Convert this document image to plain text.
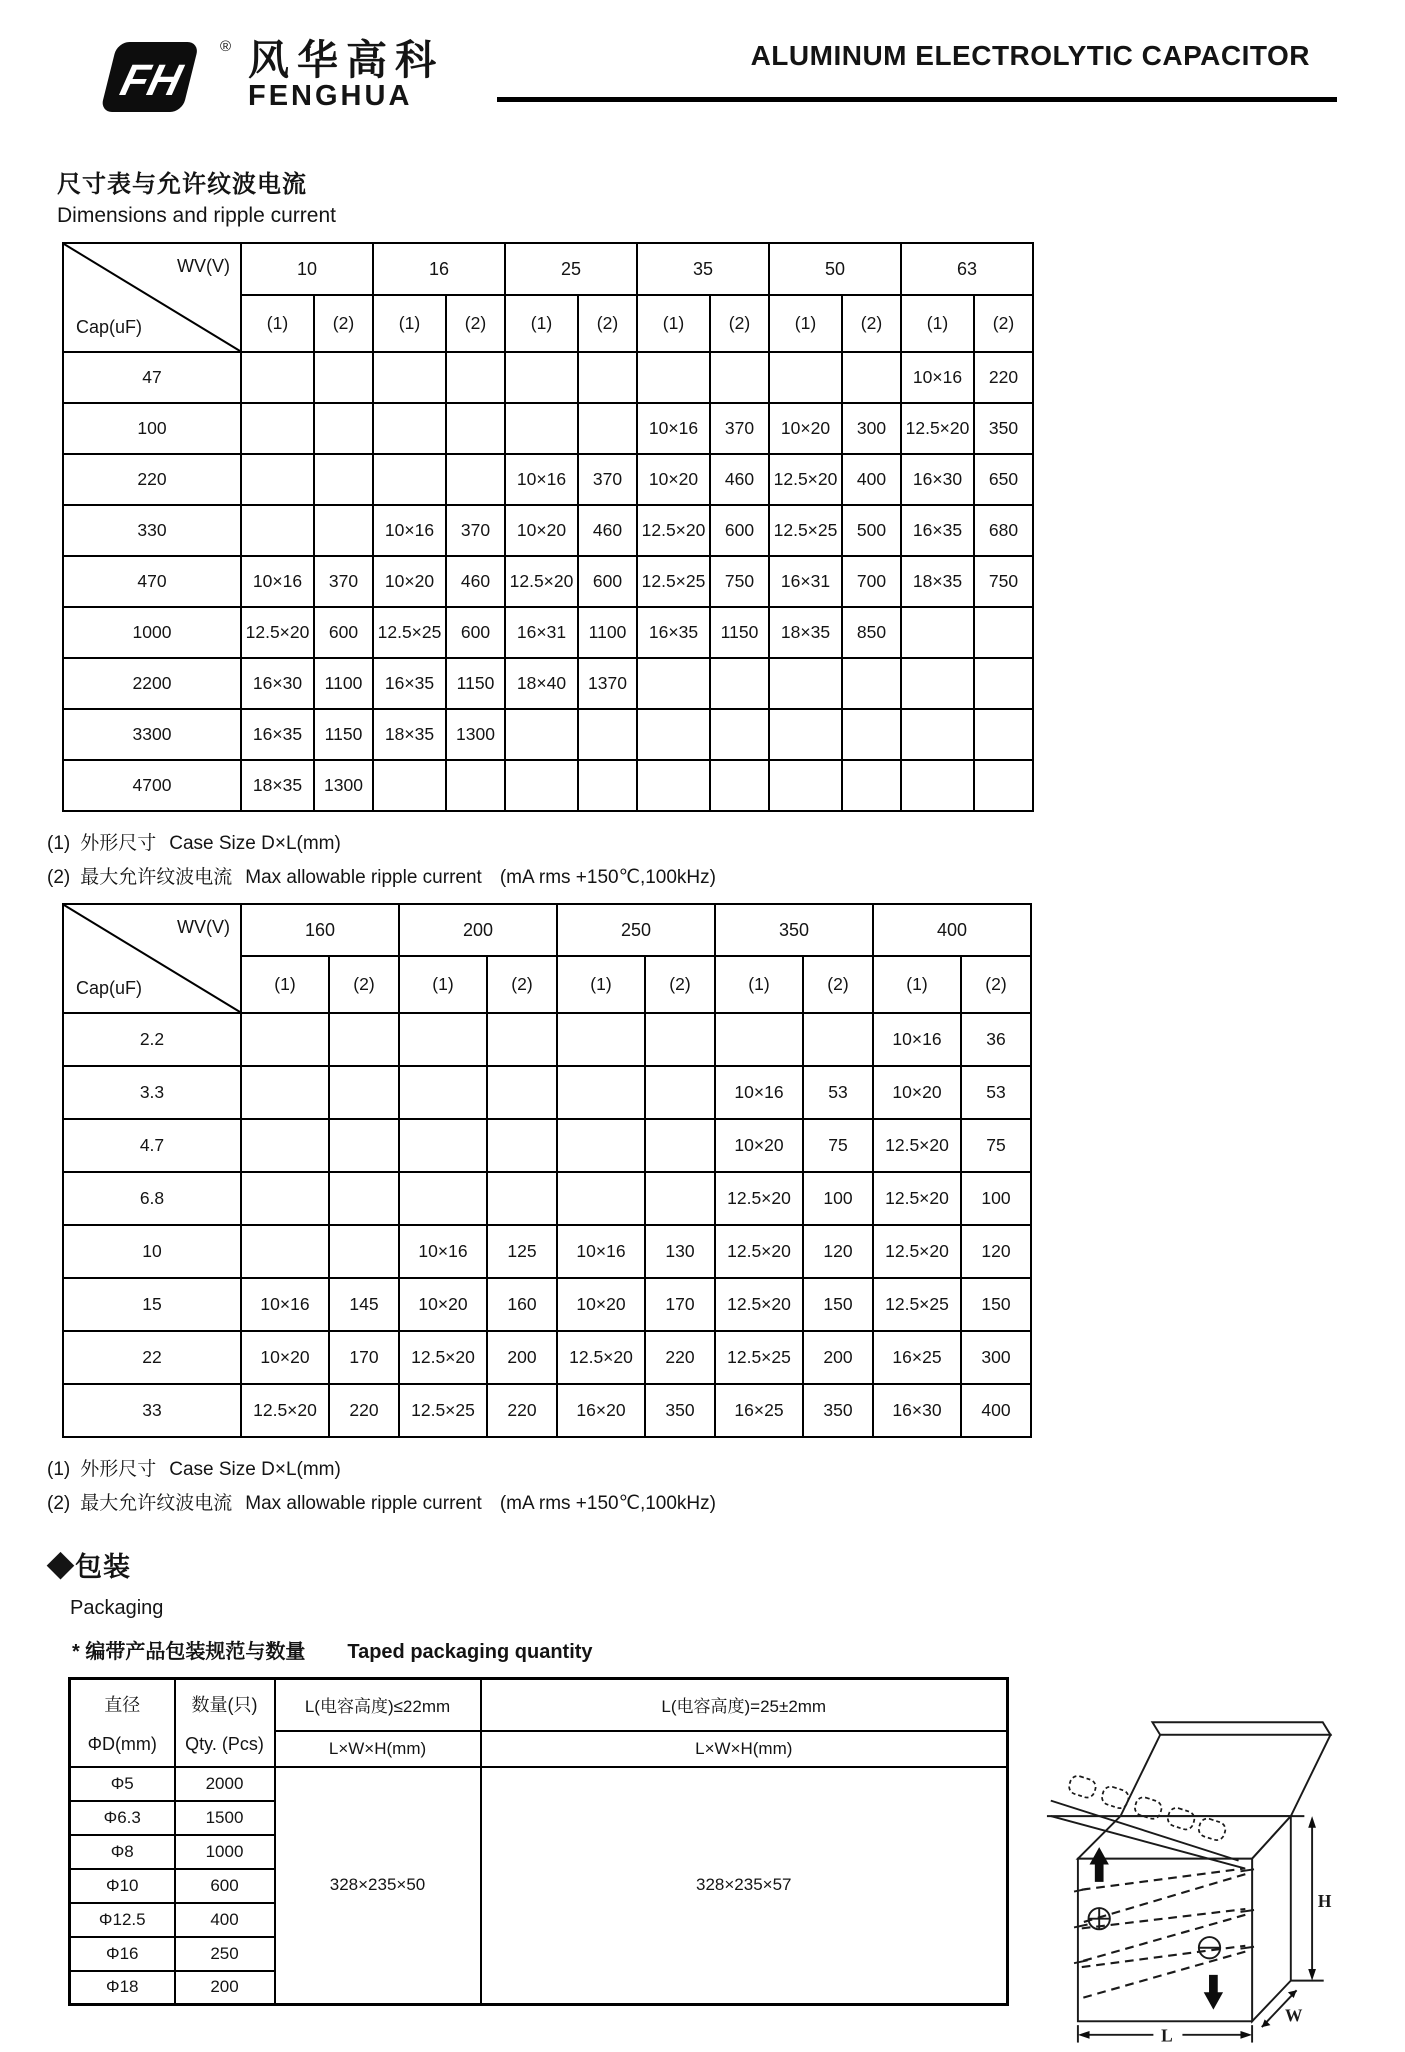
FH
® 风华高科
FENGHUA
ALUMINUM ELECTROLYTIC CAPACITOR
尺寸表与允许纹波电流
Dimensions and ripple current
WV(V)
Cap(uF)	10		16		25		35		50		63	
	(1)	(2)	(1)	(2)	(1)	(2)	(1)	(2)	(1)	(2)	(1)	(2)
47											10×16	220
100							10×16	370	10×20	300	12.5×20	350
220					10×16	370	10×20	460	12.5×20	400	16×30	650
330			10×16	370	10×20	460	12.5×20	600	12.5×25	500	16×35	680
470	10×16	370	10×20	460	12.5×20	600	12.5×25	750	16×31	700	18×35	750
1000	12.5×20	600	12.5×25	600	16×31	1100	16×35	1150	18×35	850		
2200	16×30	1100	16×35	1150	18×40	1370						
3300	16×35	1150	18×35	1300								
4700	18×35	1300										
(1) 外形尺寸 Case Size D×L(mm)
(2) 最大允许纹波电流 Max allowable ripple current (mA rms +150℃,100kHz)
WV(V)
Cap(uF)	160		200		250		350		400	
	(1)	(2)	(1)	(2)	(1)	(2)	(1)	(2)	(1)	(2)
2.2									10×16	36
3.3							10×16	53	10×20	53
4.7							10×20	75	12.5×20	75
6.8							12.5×20	100	12.5×20	100
10			10×16	125	10×16	130	12.5×20	120	12.5×20	120
15	10×16	145	10×20	160	10×20	170	12.5×20	150	12.5×25	150
22	10×20	170	12.5×20	200	12.5×20	220	12.5×25	200	16×25	300
33	12.5×20	220	12.5×25	220	16×20	350	16×25	350	16×30	400
(1) 外形尺寸 Case Size D×L(mm)
(2) 最大允许纹波电流 Max allowable ripple current (mA rms +150℃,100kHz)
◆包装
Packaging
* 编带产品包装规范与数量 Taped packaging quantity
直径
ΦD(mm)

数量(只)
Qty. (Pcs)
	L(电容高度)≤22mm	L(电容高度)=25±2mm
		L×W×H(mm)	L×W×H(mm)
Φ5	2000	328×235×50	328×235×57
Φ6.3	1500		
Φ8	1000		
Φ10	600		
Φ12.5	400		
Φ16	250		
Φ18	200		
H
W
L
